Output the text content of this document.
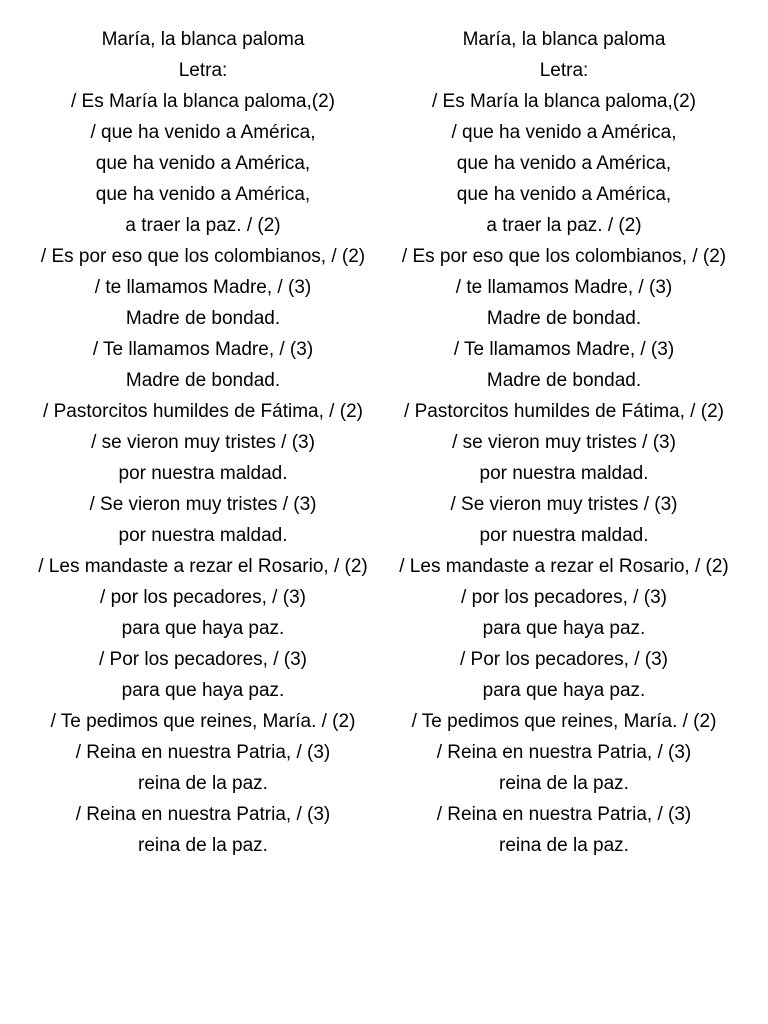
María, la blanca paloma

Letra:

/ Es María la blanca paloma,(2)

/ que ha venido a América,

que ha venido a América,

que ha venido a América,

a traer la paz. / (2)

/ Es por eso que los colombianos, / (2)

/ te llamamos Madre, / (3)

Madre de bondad.

/ Te llamamos Madre, / (3)

Madre de bondad.

/ Pastorcitos humildes de Fátima, / (2)

/ se vieron muy tristes / (3)

por nuestra maldad.

/ Se vieron muy tristes / (3)

por nuestra maldad.

/ Les mandaste a rezar el Rosario, / (2)

/ por los pecadores, / (3)

para que haya paz.

/ Por los pecadores, / (3)

para que haya paz.

/ Te pedimos que reines, María. / (2)

/ Reina en nuestra Patria, / (3)

reina de la paz.

/ Reina en nuestra Patria, / (3)

reina de la paz.

María, la blanca paloma

Letra:

/ Es María la blanca paloma,(2)

/ que ha venido a América,

que ha venido a América,

que ha venido a América,

a traer la paz. / (2)

/ Es por eso que los colombianos, / (2)

/ te llamamos Madre, / (3)

Madre de bondad.

/ Te llamamos Madre, / (3)

Madre de bondad.

/ Pastorcitos humildes de Fátima, / (2)

/ se vieron muy tristes / (3)

por nuestra maldad.

/ Se vieron muy tristes / (3)

por nuestra maldad.

/ Les mandaste a rezar el Rosario, / (2)

/ por los pecadores, / (3)

para que haya paz.

/ Por los pecadores, / (3)

para que haya paz.

/ Te pedimos que reines, María. / (2)

/ Reina en nuestra Patria, / (3)

reina de la paz.

/ Reina en nuestra Patria, / (3)

reina de la paz.
